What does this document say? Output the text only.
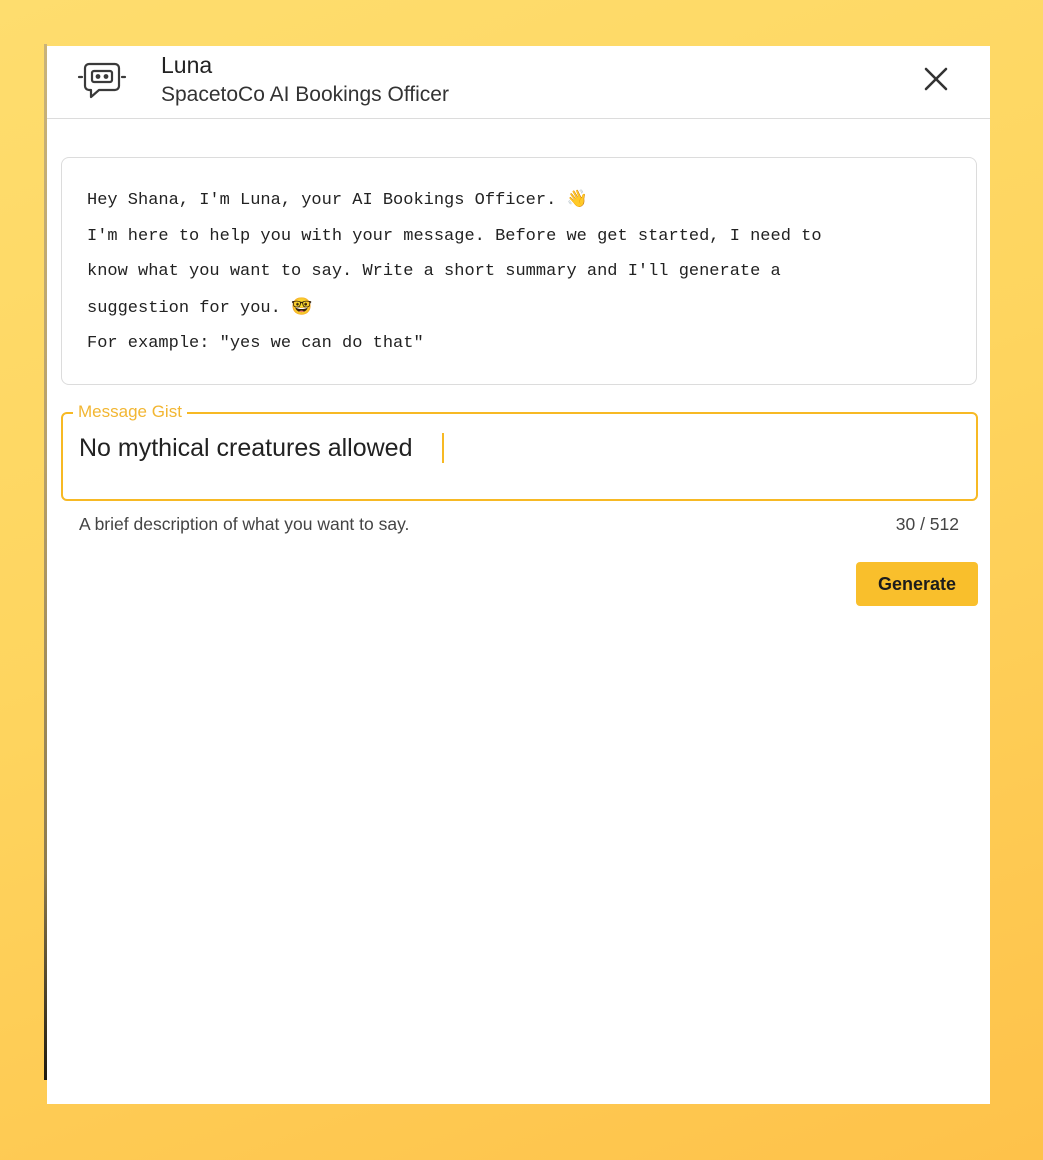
Luna
SpacetoCo AI Bookings Officer
Hey Shana, I'm Luna, your AI Bookings Officer. 👋
I'm here to help you with your message. Before we get started, I need to
know what you want to say. Write a short summary and I'll generate a
suggestion for you. 🤓
For example: "yes we can do that"
Message Gist
No mythical creatures allowed
A brief description of what you want to say.	30 / 512
Generate
